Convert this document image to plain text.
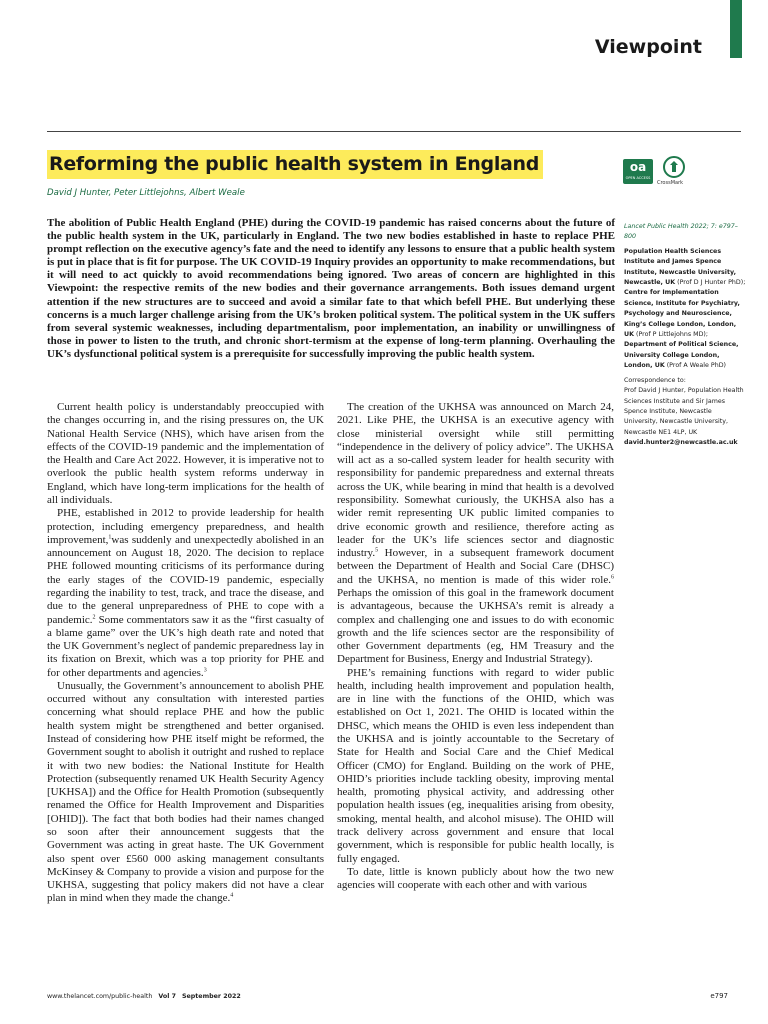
Viewpoint
Reforming the public health system in England
David J Hunter, Peter Littlejohns, Albert Weale
oa
OPEN ACCESS
CrossMark

The abolition of Public Health England (PHE) during the COVID-19 pandemic has raised concerns about the future of the public health system in the UK, particularly in England. The two new bodies established in haste to replace PHE prompt reflection on the executive agency’s fate and the need to identify any lessons to ensure that a public health system is put in place that is fit for purpose. The UK COVID-19 Inquiry provides an opportunity to make recommendations, but it will need to act quickly to avoid recommendations being ignored. Two areas of concern are highlighted in this Viewpoint: the respective remits of the new bodies and their governance arrangements. Both issues demand urgent attention if the new structures are to succeed and avoid a similar fate to that which befell PHE. But underlying these concerns is a much larger challenge arising from the UK’s broken political system. The political system in the UK suffers from several systemic weaknesses, including departmentalism, poor implementation, an inability or unwillingness of those in power to listen to the truth, and chronic short-termism at the expense of long-term planning. Overhauling the UK’s dysfunctional political system is a prerequisite for successfully improving the public health system.

Current health policy is understandably preoccupied with the changes occurring in, and the rising pressures on, the UK National Health Service (NHS), which have arisen from the effects of the COVID-19 pandemic and the implementation of the Health and Care Act 2022. However, it is imperative not to overlook the public health system reforms underway in England, which have long-term implications for the health of all individuals.

PHE, established in 2012 to provide leadership for health protection, including emergency preparedness, and health improvement,$^1$was suddenly and unexpectedly abolished in an announcement on August 18, 2020. The decision to replace PHE followed mounting criticisms of its performance during the early stages of the COVID-19 pandemic, especially regarding the inability to test, track, and trace the disease, and due to the general unpreparedness of PHE to cope with a pandemic.$^2$ Some commentators saw it as the “first casualty of a blame game” over the UK’s high death rate and noted that the UK Government’s neglect of pandemic preparedness lay in its fixation on Brexit, which was a top priority for PHE and for other departments and agencies.$^3$

Unusually, the Government’s announcement to abolish PHE occurred without any consultation with interested parties concerning what should replace PHE and how the public health system might be strengthened and better organised. Instead of considering how PHE itself might be reformed, the Government sought to abolish it outright and rushed to replace it with two new bodies: the National Institute for Health Protection (subsequently renamed UK Health Security Agency [UKHSA]) and the Office for Health Promotion (subsequently renamed the Office for Health Improvement and Disparities [OHID]). The fact that both bodies had their names changed so soon after their announcement suggests that the Government was acting in great haste. The UK Government also spent over £560 000 asking management consultants McKinsey & Company to provide a vision and purpose for the UKHSA, suggesting that policy makers did not have a clear plan in mind when they made the change.$^4$

The creation of the UKHSA was announced on March 24, 2021. Like PHE, the UKHSA is an executive agency with close ministerial oversight while still permitting “independence in the delivery of policy advice”. The UKHSA will act as a so-called system leader for health security with responsibility for pandemic preparedness and external threats across the UK, while bearing in mind that health is a devolved responsibility. Somewhat curiously, the UKHSA also has a wider remit representing UK public limited companies to drive economic growth and resilience, therefore acting as leader for the UK’s life sciences sector and diagnostic industry.$^5$ However, in a subsequent framework document between the Department of Health and Social Care (DHSC) and the UKHSA, no mention is made of this wider role.$^6$ Perhaps the omission of this goal in the framework document is advantageous, because the UKHSA’s remit is already a complex and challenging one and issues to do with economic growth and the life sciences sector are the responsibility of other Government departments (eg, HM Treasury and the Department for Business, Energy and Industrial Strategy).

PHE’s remaining functions with regard to wider public health, including health improvement and population health, are in line with the functions of the OHID, which was established on Oct 1, 2021. The OHID is located within the DHSC, which means the OHID is even less independent than the UKHSA and is jointly accountable to the Secretary of State for Health and Social Care and the Chief Medical Officer (CMO) for England. Building on the work of PHE, OHID’s priorities include tackling obesity, improving mental health, promoting physical activity, and addressing other population health issues (eg, inequalities arising from obesity, smoking, mental health, and alcohol misuse). The OHID will track delivery across government and ensure that local government, which is responsible for public health locally, is fully engaged.

To date, little is known publicly about how the two new agencies will cooperate with each other and with various

Lancet Public Health 2022; 7: e797–800
Population Health Sciences Institute and James Spence Institute, Newcastle University, Newcastle, UK (Prof D J Hunter PhD); Centre for Implementation Science, Institute for Psychiatry, Psychology and Neuroscience, King’s College London, London, UK (Prof P Littlejohns MD); Department of Political Science, University College London, London, UK (Prof A Weale PhD)
Correspondence to:
Prof David J Hunter, Population Health Sciences Institute and Sir James Spence Institute, Newcastle University, Newcastle University, Newcastle NE1 4LP, UK
david.hunter2@newcastle.ac.uk
www.thelancet.com/public-health Vol 7 September 2022	e797
